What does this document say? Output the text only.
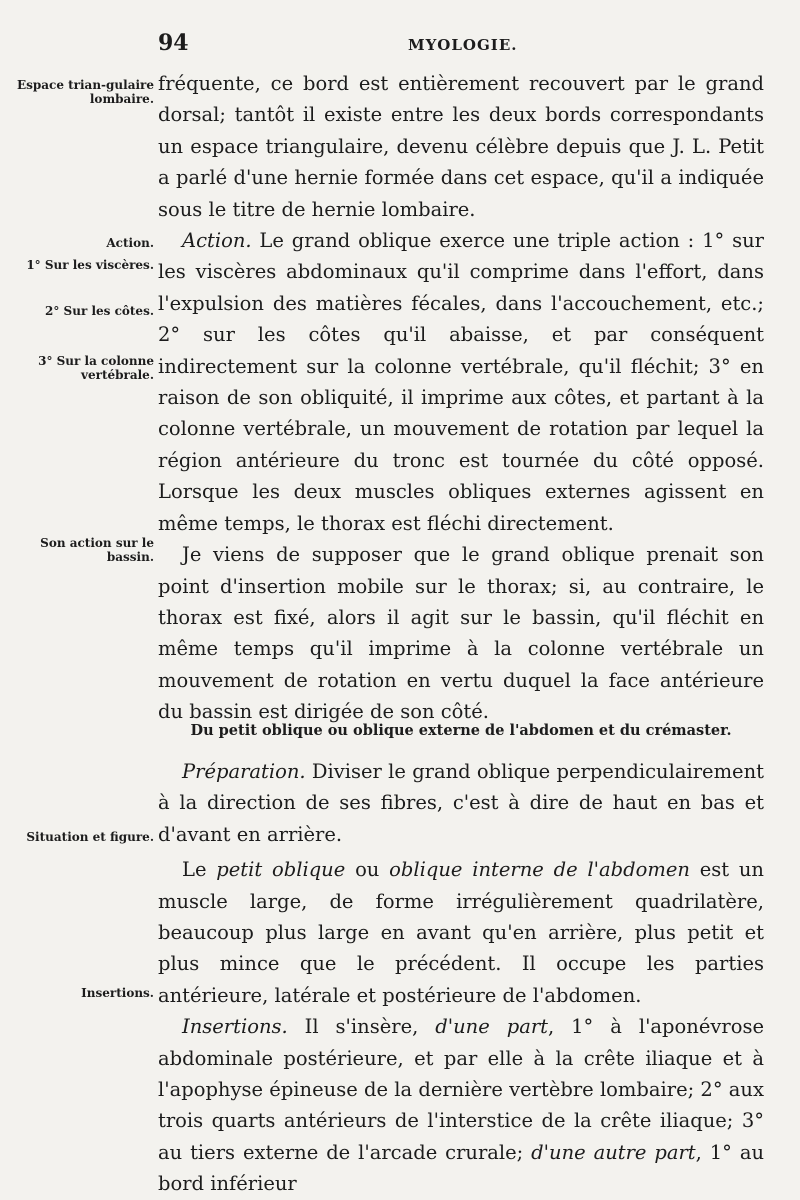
94	MYOLOGIE.
Espace trian-gulaire lombaire.
Action.
1° Sur les viscères.
2° Sur les côtes.
3° Sur la colonne vertébrale.
Son action sur le bassin.
Situation et figure.
Insertions.

fréquente, ce bord est entièrement recouvert par le grand dorsal; tantôt il existe entre les deux bords correspondants un espace triangulaire, devenu célèbre depuis que J. L. Petit a parlé d'une hernie formée dans cet espace, qu'il a indiquée sous le titre de hernie lombaire.

Action. Le grand oblique exerce une triple action : 1° sur les viscères abdominaux qu'il comprime dans l'effort, dans l'expulsion des matières fécales, dans l'accouchement, etc.; 2° sur les côtes qu'il abaisse, et par conséquent indirectement sur la colonne vertébrale, qu'il fléchit; 3° en raison de son obliquité, il imprime aux côtes, et partant à la colonne vertébrale, un mouvement de rotation par lequel la région antérieure du tronc est tournée du côté opposé. Lorsque les deux muscles obliques externes agissent en même temps, le thorax est fléchi directement.

Je viens de supposer que le grand oblique prenait son point d'insertion mobile sur le thorax; si, au contraire, le thorax est fixé, alors il agit sur le bassin, qu'il fléchit en même temps qu'il imprime à la colonne vertébrale un mouvement de rotation en vertu duquel la face antérieure du bassin est dirigée de son côté.

Du petit oblique ou oblique externe de l'abdomen et du crémaster.

Préparation. Diviser le grand oblique perpendiculairement à la direction de ses fibres, c'est à dire de haut en bas et d'avant en arrière.

Le petit oblique ou oblique interne de l'abdomen est un muscle large, de forme irrégulièrement quadrilatère, beaucoup plus large en avant qu'en arrière, plus petit et plus mince que le précédent. Il occupe les parties antérieure, latérale et postérieure de l'abdomen.

Insertions. Il s'insère, d'une part, 1° à l'aponévrose abdominale postérieure, et par elle à la crête iliaque et à l'apophyse épineuse de la dernière vertèbre lombaire; 2° aux trois quarts antérieurs de l'interstice de la crête iliaque; 3° au tiers externe de l'arcade crurale; d'une autre part, 1° au bord inférieur
